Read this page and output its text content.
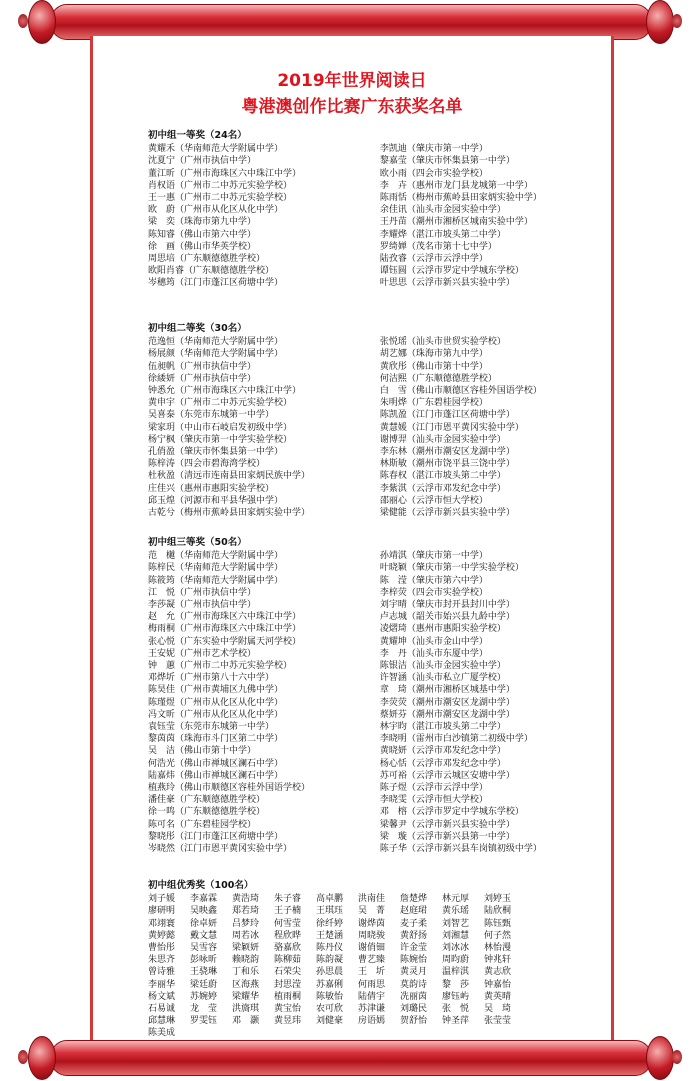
2019年世界阅读日
粤港澳创作比赛广东获奖名单
初中组一等奖（24名）
黄耀禾（华南师范大学附属中学）
沈夏宁（广州市执信中学）
董江昕（广州市海珠区六中珠江中学）
肖权语（广州市二中苏元实验学校）
王一惠（广州市二中苏元实验学校）
欧　蔚（广州市从化区从化中学）
梁　奕（珠海市第九中学）
陈知睿（佛山市第六中学）
徐　画（佛山市华英学校）
周思培（广东顺德德胜学校）
欧阳肖睿（广东顺德德胜学校）
岑穗筠（江门市蓬江区荷塘中学）
李凯迪（肇庆市第一中学）
黎嘉莹（肇庆市怀集县第一中学）
欧小雨（四会市实验学校）
李　卉（惠州市龙门县龙城第一中学）
陈雨恬（梅州市蕉岭县田家炳实验中学）
余佳讯（汕头市金园实验中学）
王丹苗（潮州市湘桥区城南实验中学）
李耀烨（湛江市坡头第二中学）
罗绮婵（茂名市第十七中学）
陆孜睿（云浮市云浮中学）
谭钰圆（云浮市罗定中学城东学校）
叶思思（云浮市新兴县实验中学）
初中组二等奖（30名）
范逸恒（华南师范大学附属中学）
杨展颜（华南师范大学附属中学）
伍昶帆（广州市执信中学）
徐緌妍（广州市执信中学）
钟悉允（广州市海珠区六中珠江中学）
黄申宇（广州市二中苏元实验学校）
吴喜泰（东莞市东城第一中学）
梁家玥（中山市石岐启发初级中学）
杨宁枫（肇庆市第一中学实验学校）
孔俏盈（肇庆市怀集县第一中学）
陈梓涛（四会市碧海湾学校）
杜秋盈（清远市连南县田家炳民族中学）
庄佳兴（惠州市惠阳实验学校）
邱玉煌（河源市和平县华强中学）
古乾兮（梅州市蕉岭县田家炳实验中学）
张悦瑶（汕头市世贸实验学校）
胡艺娜（珠海市第九中学）
黄欣彤（佛山市第十中学）
何洁熙（广东顺德德胜学校）
白　雪（佛山市顺德区容桂外国语学校）
朱明烨（广东碧桂园学校）
陈凯盈（江门市蓬江区荷塘中学）
黄慧媛（江门市恩平黄冈实验中学）
谢博羿（汕头市金园实验中学）
李东林（潮州市潮安区龙湖中学）
林斯敏（潮州市饶平县三饶中学）
陈春权（湛江市坡头第二中学）
李紫淇（云浮市邓发纪念中学）
邵丽心（云浮市恒大学校）
梁健能（云浮市新兴县实验中学）
初中组三等奖（50名）
范　樾（华南师范大学附属中学）
陈梓民（华南师范大学附属中学）
陈筱筠（华南师范大学附属中学）
江　悦（广州市执信中学）
李莎凝（广州市执信中学）
赵　允（广州市海珠区六中珠江中学）
梅雨桐（广州市海珠区六中珠江中学）
张心悦（广东实验中学附属天河学校）
王安妮（广州市艺术学校）
钟　蕙（广州市二中苏元实验学校）
邓烨圻（广州市第八十六中学）
陈昊佳（广州市黄埔区九佛中学）
陈瑾煜（广州市从化区从化中学）
冯文昕（广州市从化区从化中学）
袁钰莹（东莞市东城第一中学）
黎茵茵（珠海市斗门区第二中学）
吴　洁（佛山市第十中学）
何浩光（佛山市禅城区澜石中学）
陆嘉炜（佛山市禅城区澜石中学）
植燕玲（佛山市顺德区容桂外国语学校）
潘佳豪（广东顺德德胜学校）
徐一鸣（广东顺德德胜学校）
陈可名（广东碧桂园学校）
黎晓彤（江门市蓬江区荷塘中学）
岑晓然（江门市恩平黄冈实验中学）
孙靖淇（肇庆市第一中学）
叶晓颖（肇庆市第一中学实验学校）
陈　滢（肇庆市第六中学）
李梓荧（四会市实验学校）
刘宇晴（肇庆市封开县封川中学）
卢志城（韶关市始兴县九龄中学）
凌熠琦（惠州市惠阳实验学校）
黄耀坤（汕头市金山中学）
李　丹（汕头市东厦中学）
陈银洁（汕头市金园实验中学）
许智涵（汕头市私立广厦学校）
章　琦（潮州市湘桥区城基中学）
李荧荧（潮州市潮安区龙湖中学）
蔡妍芬（潮州市潮安区龙湖中学）
林宇昀（湛江市坡头第二中学）
李晓明（雷州市白沙镇第二初级中学）
黄晓妍（云浮市邓发纪念中学）
杨心恬（云浮市邓发纪念中学）
苏可裕（云浮市云城区安塘中学）
陈子煜（云浮市云浮中学）
李晓雯（云浮市恒大学校）
邓　榕（云浮市罗定中学城东学校）
梁馨尹（云浮市新兴县实验中学）
梁　璇（云浮市新兴县第一中学）
陈子华（云浮市新兴县车岗镇初级中学）
初中组优秀奖（100名）
刘子媛	李嘉霖	黄浩琦	朱子睿	高卓鹏	洪南佳	詹楚烨	林元厚	刘婷玉
廖研明	吴映鑫	郑若琦	王子楠	王琪珏	吴　菁	赵庭珺	黄乐瑶	陆欣桐
邓翊寰	徐卓妍	吕梦玲	何雪莹	徐纤婷	谢烨茵	麦子柔	刘智艺	陈钰甄
黄婷懿	戴文慧	周若冰	程欣晔	王楚涵	周晓骏	黄舒扬	刘湘慧	何子然
曹怡彤	吴雪容	梁颖妍	骆嘉欣	陈丹仪	谢俏钿	许金莹	刘冰冰	林怡漫
朱思齐	彭咏昕	赖晓韵	陈柳茹	陈韵凝	曹艺臻	陈婉怡	周昀蔚	钟兆轩
曾诗雅	王骁琳	丁和乐	石荣尖	孙思晨	王　圻	黄灵月	温梓淇	黄志欣
李丽华	梁廷蔚	区海燕	封思滢	苏嘉俐	何雨思	莫韵诗	黎　莎	钟嘉怡
杨文斌	苏婉婷	梁耀华	植雨桐	陈敏怡	陆倩宇	冼丽茵	廖钰屿	黄英晴
石易诚	龙　莹	洪旖琪	黄宝怡	农可欣	苏津谦	刘璐民	张　悦	吴　琦
邱慧琳	罗雯钰	邓　灏	黄昱玮	刘健豪	房语嫣	贺舒怡	钟圣萍	张莹莹
陈美成
